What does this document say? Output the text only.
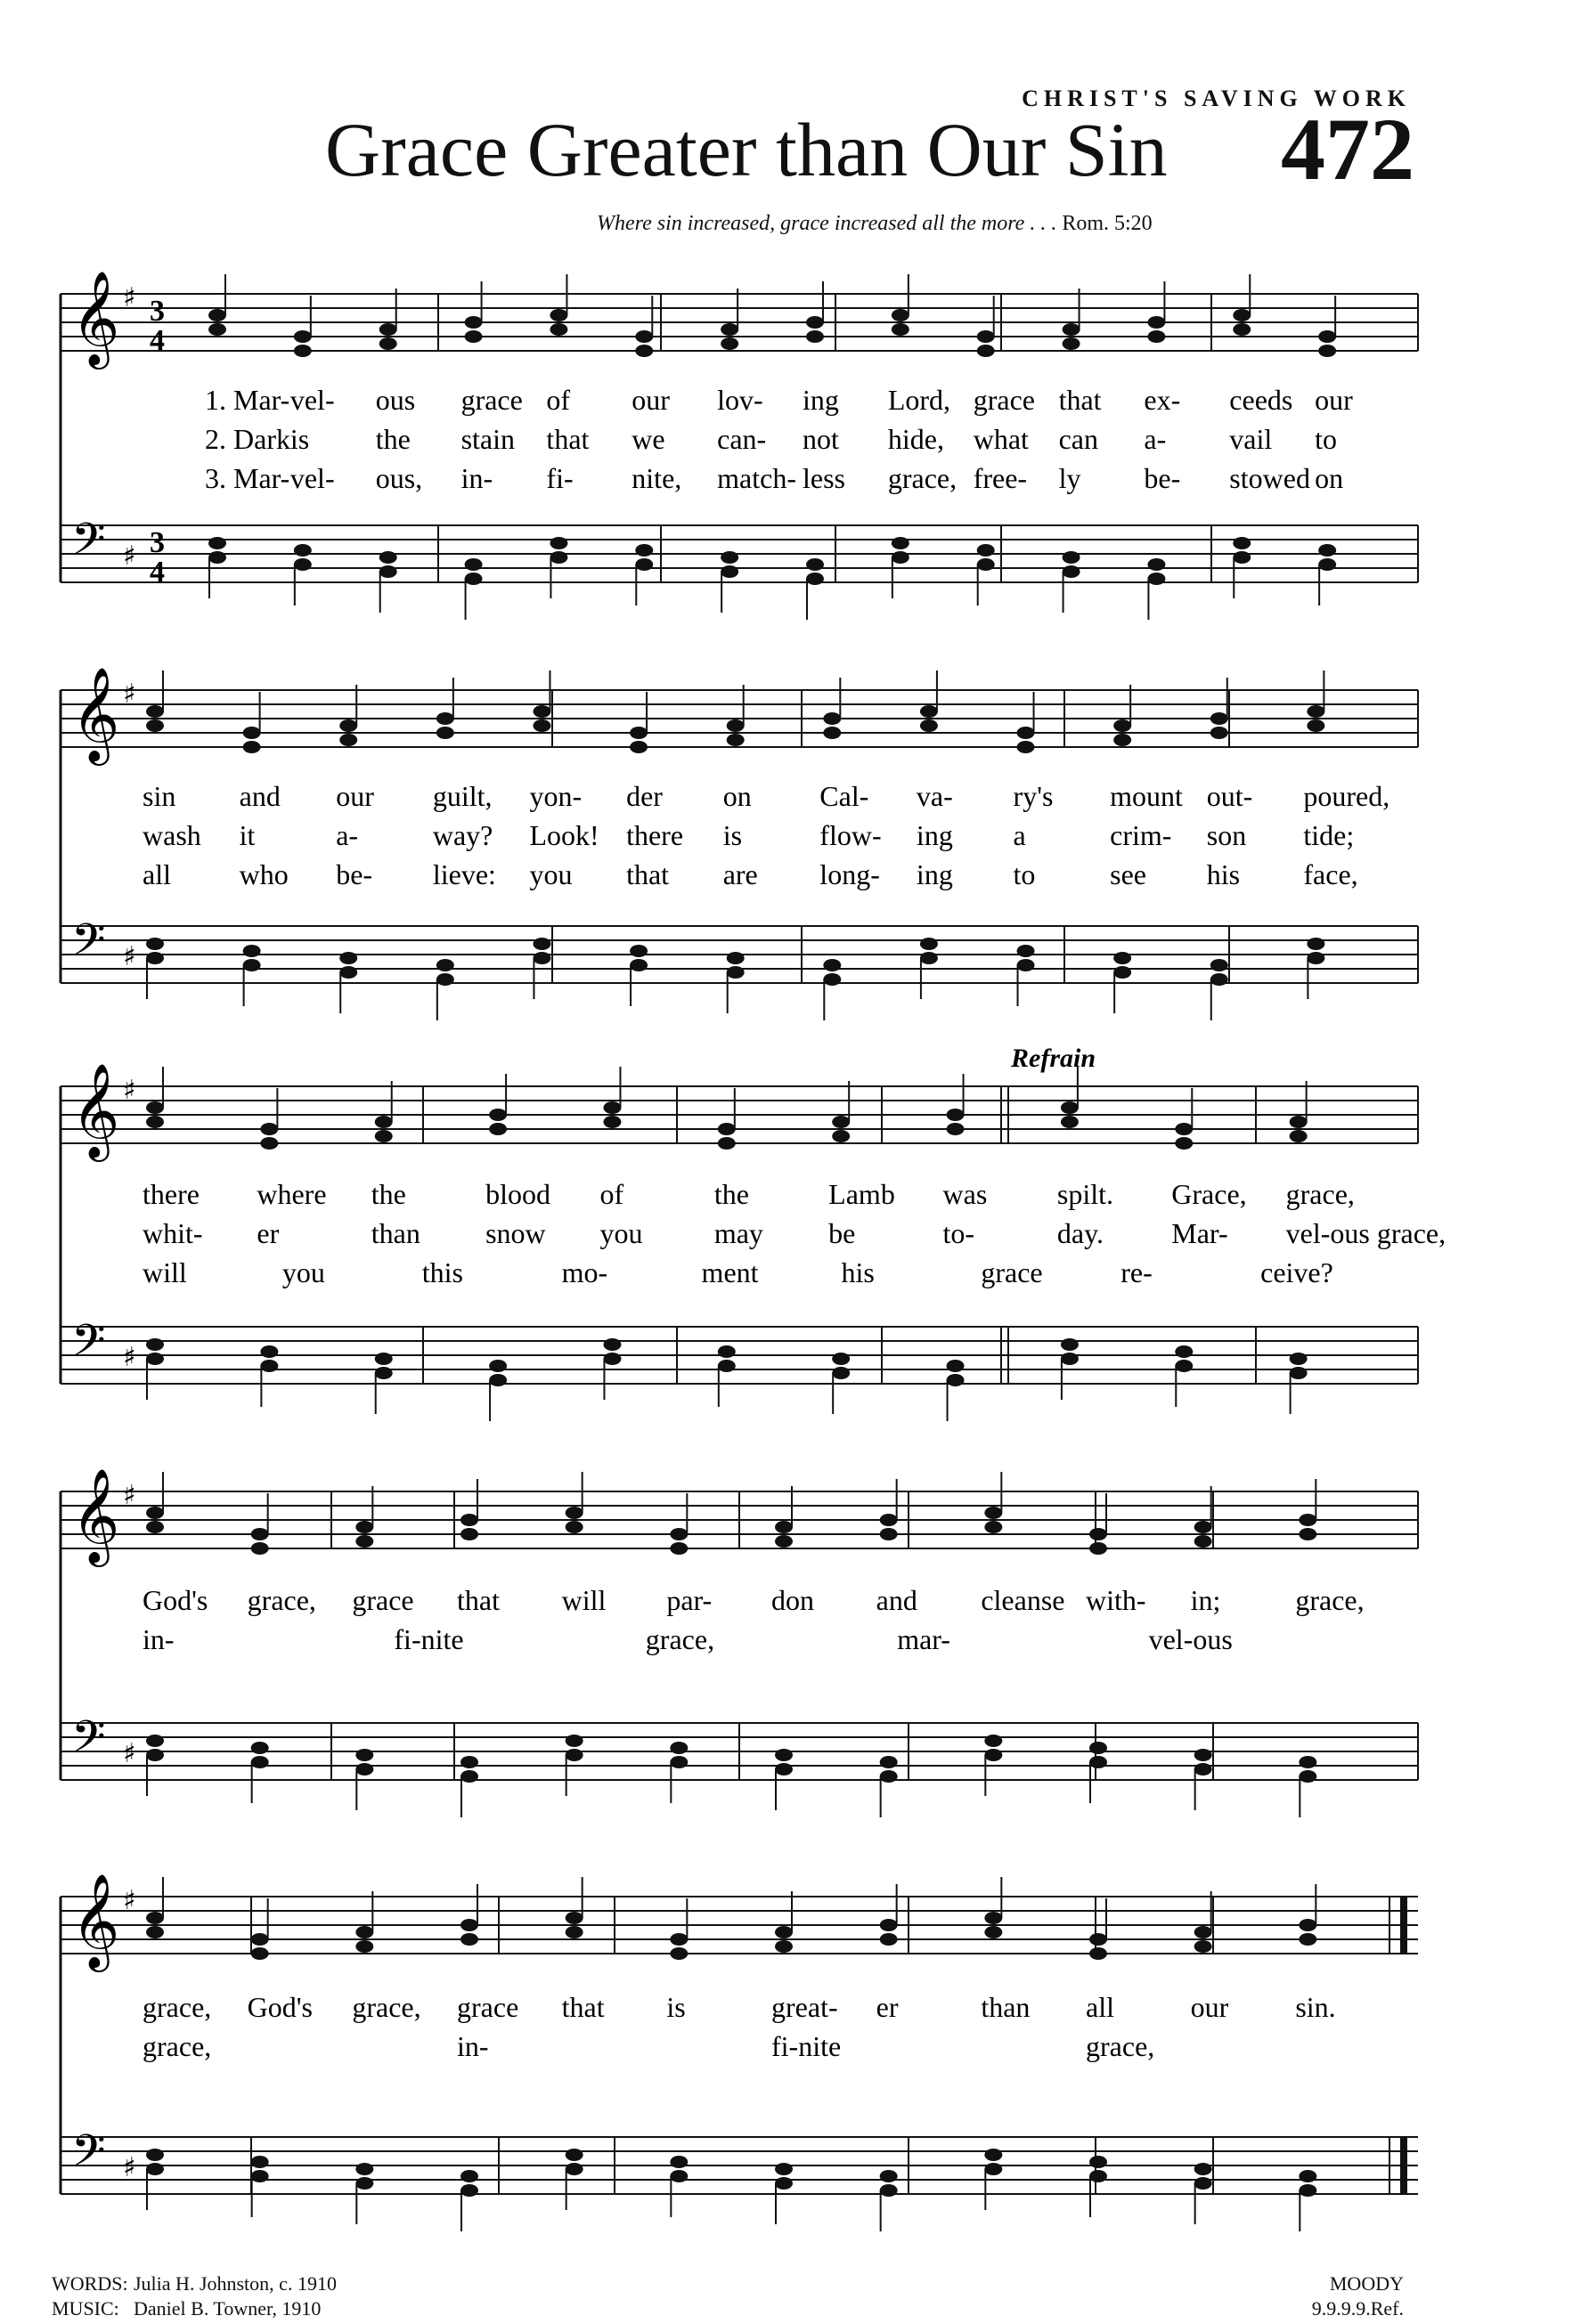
CHRIST'S SAVING WORK
Grace Greater than Our Sin 472
Where sin increased, grace increased all the more . . . Rom. 5:20
𝄞
𝄢
♯
♯
3
4
3
4
1. Mar- vel- ous grace of our lov- ing Lord, grace that ex- ceeds our
2. Dark is the stain that we can- not hide, what can a- vail to
3. Mar- vel- ous, in- fi- nite, match- less grace, free- ly be- stowed on
𝄞
𝄢
♯
♯
sin and our guilt, yon- der on Cal- va- ry's mount out- poured,
wash it	a-	way? Look! there is	flow- ing a	crim- son tide;
all who be- lieve: you that are long- ing to	see his face,
𝄞
𝄢
♯
♯
Refrain
there where the	blood of	the	Lamb was spilt. Grace, grace,
whit- er	than snow you	may be	to-	day. Mar- vel-ous grace,
will	you	this	mo-	ment	his	grace	re-	ceive?
𝄞
𝄢
♯
♯
God's grace, grace that will par- don and cleanse with- in;	grace,
in-	fi-nite	grace,	mar-	vel-ous
𝄞
𝄢
♯
♯
grace, God's grace, grace that is	great- er	than all	our sin.
grace,	in-	fi-nite	grace,
WORDS: Julia H. Johnston, c. 1910
MUSIC: Daniel B. Towner, 1910
MOODY
9.9.9.9.Ref.
